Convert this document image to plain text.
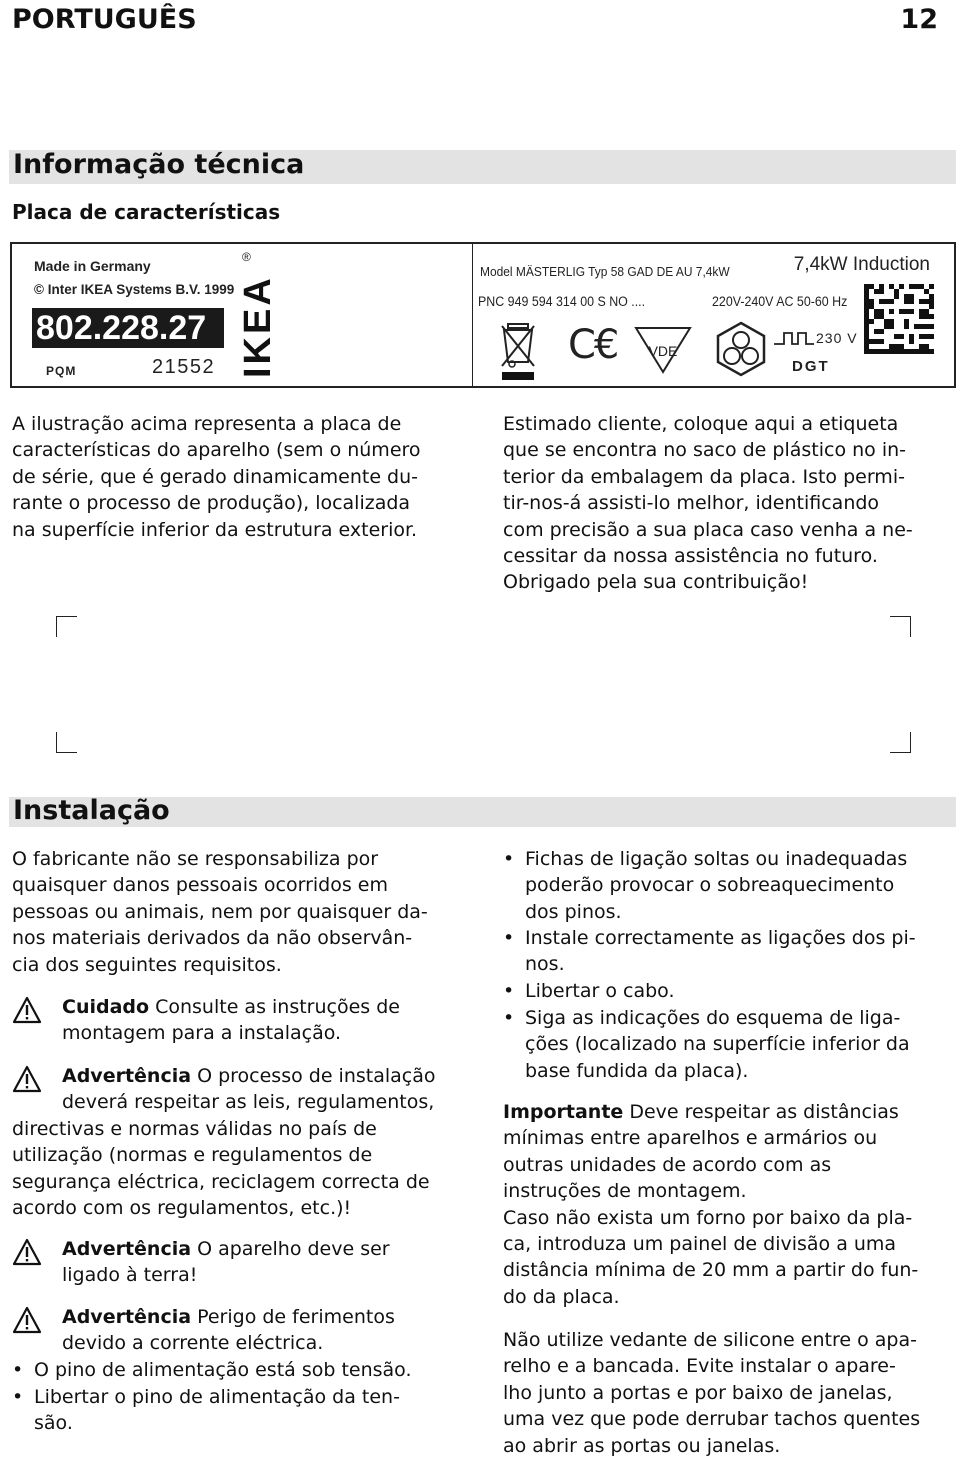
PORTUGUÊS	12
Informação técnica
Placa de características
Made in Germany
© Inter IKEA Systems B.V. 1999
802.228.27
PQM	21552
®
IKEA
Model MÄSTERLIG Typ 58 GAD DE AU 7,4kW	7,4kW Induction
PNC 949 594 314 00 S NO ....	220V-240V AC 50-60 Hz
C€ VDE
230 V
DGT
A ilustração acima representa a placa de
características do aparelho (sem o número
de série, que é gerado dinamicamente du-
rante o processo de produção), localizada
na superfície inferior da estrutura exterior.
Estimado cliente, coloque aqui a etiqueta
que se encontra no saco de plástico no in-
terior da embalagem da placa. Isto permi-
tir-nos-á assisti-lo melhor, identificando
com precisão a sua placa caso venha a ne-
cessitar da nossa assistência no futuro.
Obrigado pela sua contribuição!
Instalação
O fabricante não se responsabiliza por
quaisquer danos pessoais ocorridos em
pessoas ou animais, nem por quaisquer da-
nos materiais derivados da não observân-
cia dos seguintes requisitos.
Cuidado Consulte as instruções de
montagem para a instalação.
Advertência O processo de instalação
deverá respeitar as leis, regulamentos,
directivas e normas válidas no país de
utilização (normas e regulamentos de
segurança eléctrica, reciclagem correcta de
acordo com os regulamentos, etc.)!
Advertência O aparelho deve ser
ligado à terra!
Advertência Perigo de ferimentos
devido a corrente eléctrica.
• O pino de alimentação está sob tensão.
• Libertar o pino de alimentação da ten-
são.
• Fichas de ligação soltas ou inadequadas
poderão provocar o sobreaquecimento
dos pinos.
• Instale correctamente as ligações dos pi-
nos.
• Libertar o cabo.
• Siga as indicações do esquema de liga-
ções (localizado na superfície inferior da
base fundida da placa).
Importante Deve respeitar as distâncias
mínimas entre aparelhos e armários ou
outras unidades de acordo com as
instruções de montagem.
Caso não exista um forno por baixo da pla-
ca, introduza um painel de divisão a uma
distância mínima de 20 mm a partir do fun-
do da placa.
Não utilize vedante de silicone entre o apa-
relho e a bancada. Evite instalar o apare-
lho junto a portas e por baixo de janelas,
uma vez que pode derrubar tachos quentes
ao abrir as portas ou janelas.
